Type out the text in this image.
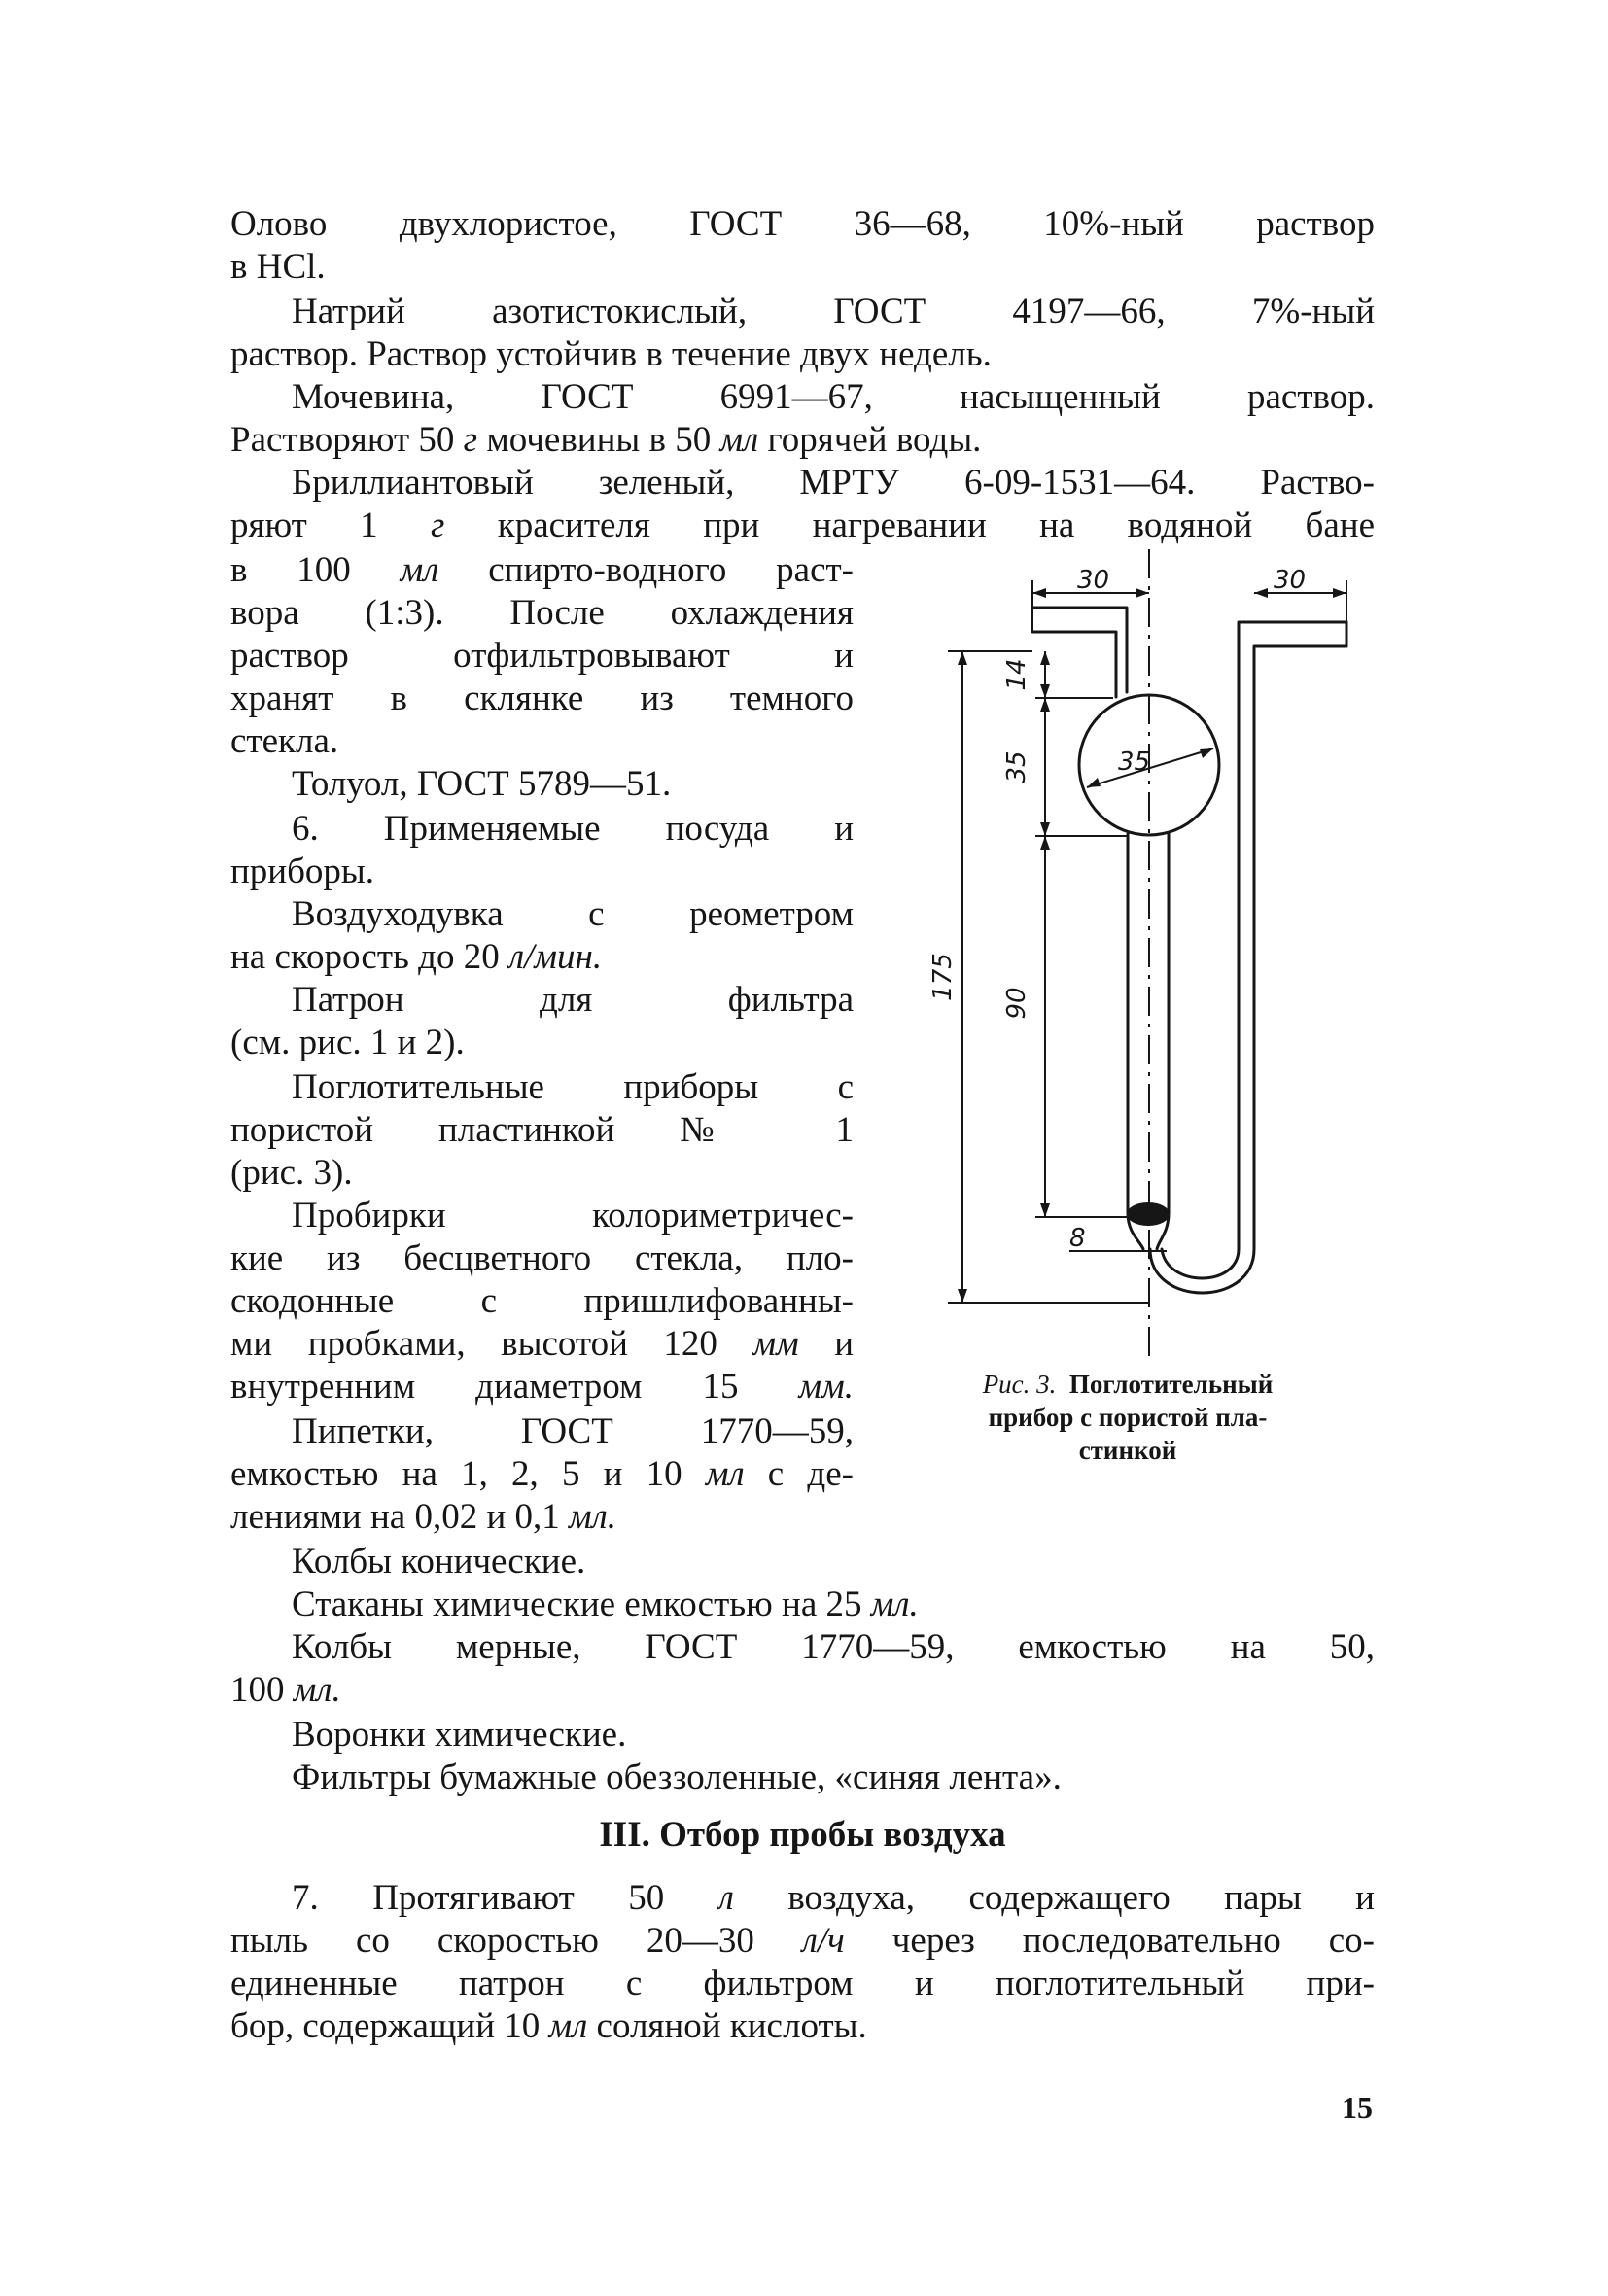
Олово двухлористое, ГОСТ 36—68, 10%-ный раствор
в HCl.
Натрий азотистокислый, ГОСТ 4197—66, 7%-ный
раствор. Раствор устойчив в течение двух недель.
Мочевина, ГОСТ 6991—67, насыщенный раствор.
Растворяют 50 г мочевины в 50 мл горячей воды.
Бриллиантовый зеленый, МРТУ 6-09-1531—64. Раство-
ряют 1 г красителя при нагревании на водяной бане
в 100 мл спирто-водного раст-
вора (1:3). После охлаждения
раствор отфильтровывают и
хранят в склянке из темного
стекла.
Толуол, ГОСТ 5789—51.
6. Применяемые посуда и
приборы.
Воздуходувка с реометром
на скорость до 20 л/мин.
Патрон для фильтра
(см. рис. 1 и 2).
Поглотительные приборы с
пористой пластинкой № 1
(рис. 3).
Пробирки колориметричес-
кие из бесцветного стекла, пло-
скодонные с пришлифованны-
ми пробками, высотой 120 мм и
внутренним диаметром 15 мм.
Пипетки, ГОСТ 1770—59,
емкостью на 1, 2, 5 и 10 мл с де-
лениями на 0,02 и 0,1 мл.
Колбы конические.
Стаканы химические емкостью на 25 мл.
Колбы мерные, ГОСТ 1770—59, емкостью на 50,
100 мл.
Воронки химические.
Фильтры бумажные обеззоленные, «синяя лента».
III. Отбор пробы воздуха
7. Протягивают 50 л воздуха, содержащего пары и
пыль со скоростью 20—30 л/ч через последовательно со-
единенные патрон с фильтром и поглотительный при-
бор, содержащий 10 мл соляной кислоты.
30	30
14
35	35
90
175
8
Рис. 3. Поглотительный
прибор с пористой пла-
стинкой
15
